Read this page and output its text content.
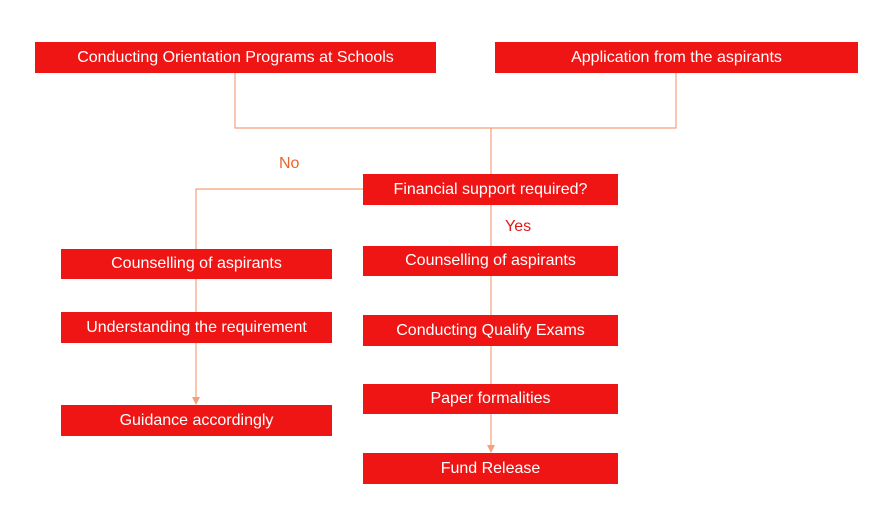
Conducting Orientation Programs at Schools	Application from the aspirants
No
Financial support required?
Yes
Counselling of aspirants	Counselling of aspirants
Understanding the requirement	Conducting Qualify Exams
Paper formalities
Guidance accordingly
Fund Release
